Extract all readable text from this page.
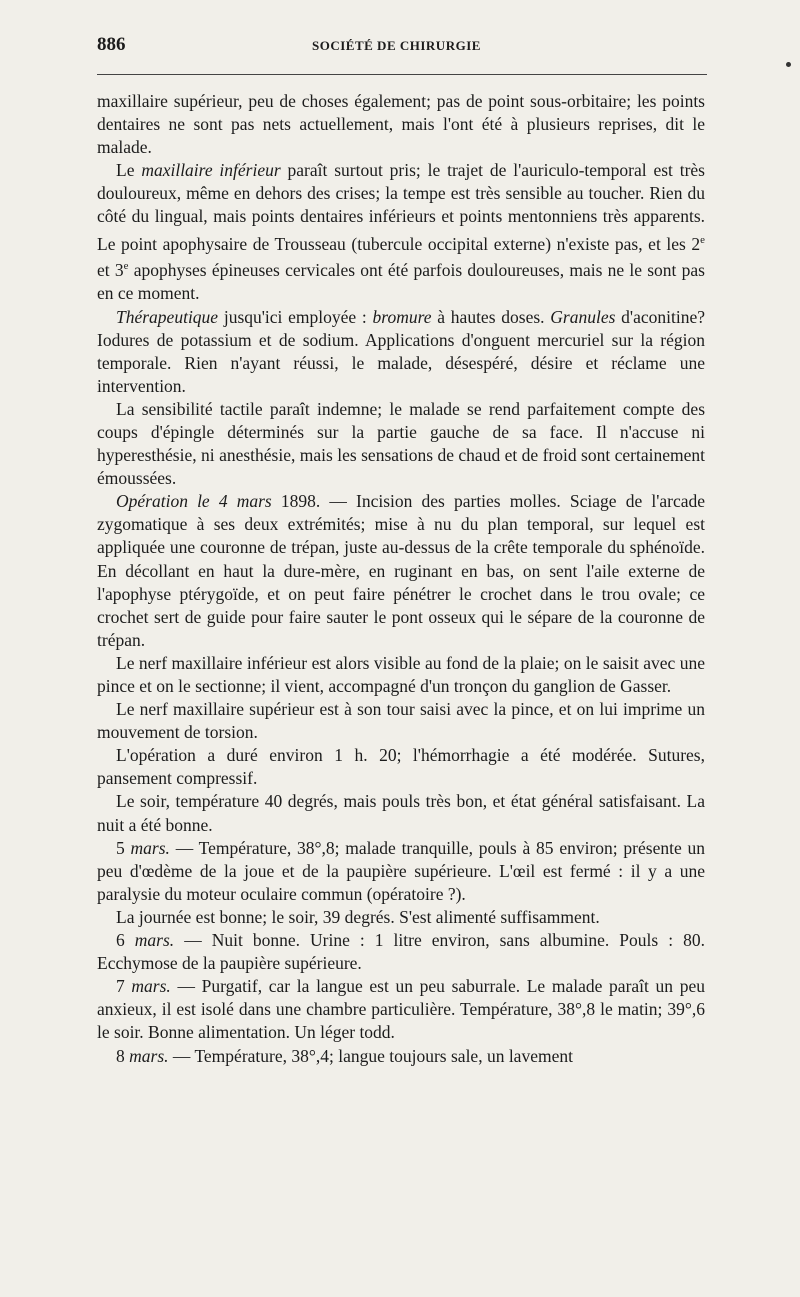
886	SOCIÉTÉ DE CHIRURGIE

maxillaire supérieur, peu de choses également; pas de point sous-orbitaire; les points dentaires ne sont pas nets actuellement, mais l'ont été à plusieurs reprises, dit le malade.

Le maxillaire inférieur paraît surtout pris; le trajet de l'auriculo-temporal est très douloureux, même en dehors des crises; la tempe est très sensible au toucher. Rien du côté du lingual, mais points dentaires inférieurs et points mentonniens très apparents. Le point apophysaire de Trousseau (tubercule occipital externe) n'existe pas, et les 2e et 3e apophyses épineuses cervicales ont été parfois douloureuses, mais ne le sont pas en ce moment.

Thérapeutique jusqu'ici employée : bromure à hautes doses. Granules d'aconitine? Iodures de potassium et de sodium. Applications d'onguent mercuriel sur la région temporale. Rien n'ayant réussi, le malade, désespéré, désire et réclame une intervention.

La sensibilité tactile paraît indemne; le malade se rend parfaitement compte des coups d'épingle déterminés sur la partie gauche de sa face. Il n'accuse ni hyperesthésie, ni anesthésie, mais les sensations de chaud et de froid sont certainement émoussées.

Opération le 4 mars 1898. — Incision des parties molles. Sciage de l'arcade zygomatique à ses deux extrémités; mise à nu du plan temporal, sur lequel est appliquée une couronne de trépan, juste au-dessus de la crête temporale du sphénoïde. En décollant en haut la dure-mère, en ruginant en bas, on sent l'aile externe de l'apophyse ptérygoïde, et on peut faire pénétrer le crochet dans le trou ovale; ce crochet sert de guide pour faire sauter le pont osseux qui le sépare de la couronne de trépan.

Le nerf maxillaire inférieur est alors visible au fond de la plaie; on le saisit avec une pince et on le sectionne; il vient, accompagné d'un tronçon du ganglion de Gasser.

Le nerf maxillaire supérieur est à son tour saisi avec la pince, et on lui imprime un mouvement de torsion.

L'opération a duré environ 1 h. 20; l'hémorrhagie a été modérée. Sutures, pansement compressif.

Le soir, température 40 degrés, mais pouls très bon, et état général satisfaisant. La nuit a été bonne.

5 mars. — Température, 38°,8; malade tranquille, pouls à 85 environ; présente un peu d'œdème de la joue et de la paupière supérieure. L'œil est fermé : il y a une paralysie du moteur oculaire commun (opératoire ?).

La journée est bonne; le soir, 39 degrés. S'est alimenté suffisamment.

6 mars. — Nuit bonne. Urine : 1 litre environ, sans albumine. Pouls : 80. Ecchymose de la paupière supérieure.

7 mars. — Purgatif, car la langue est un peu saburrale. Le malade paraît un peu anxieux, il est isolé dans une chambre particulière. Température, 38°,8 le matin; 39°,6 le soir. Bonne alimentation. Un léger todd.

8 mars. — Température, 38°,4; langue toujours sale, un lavement
